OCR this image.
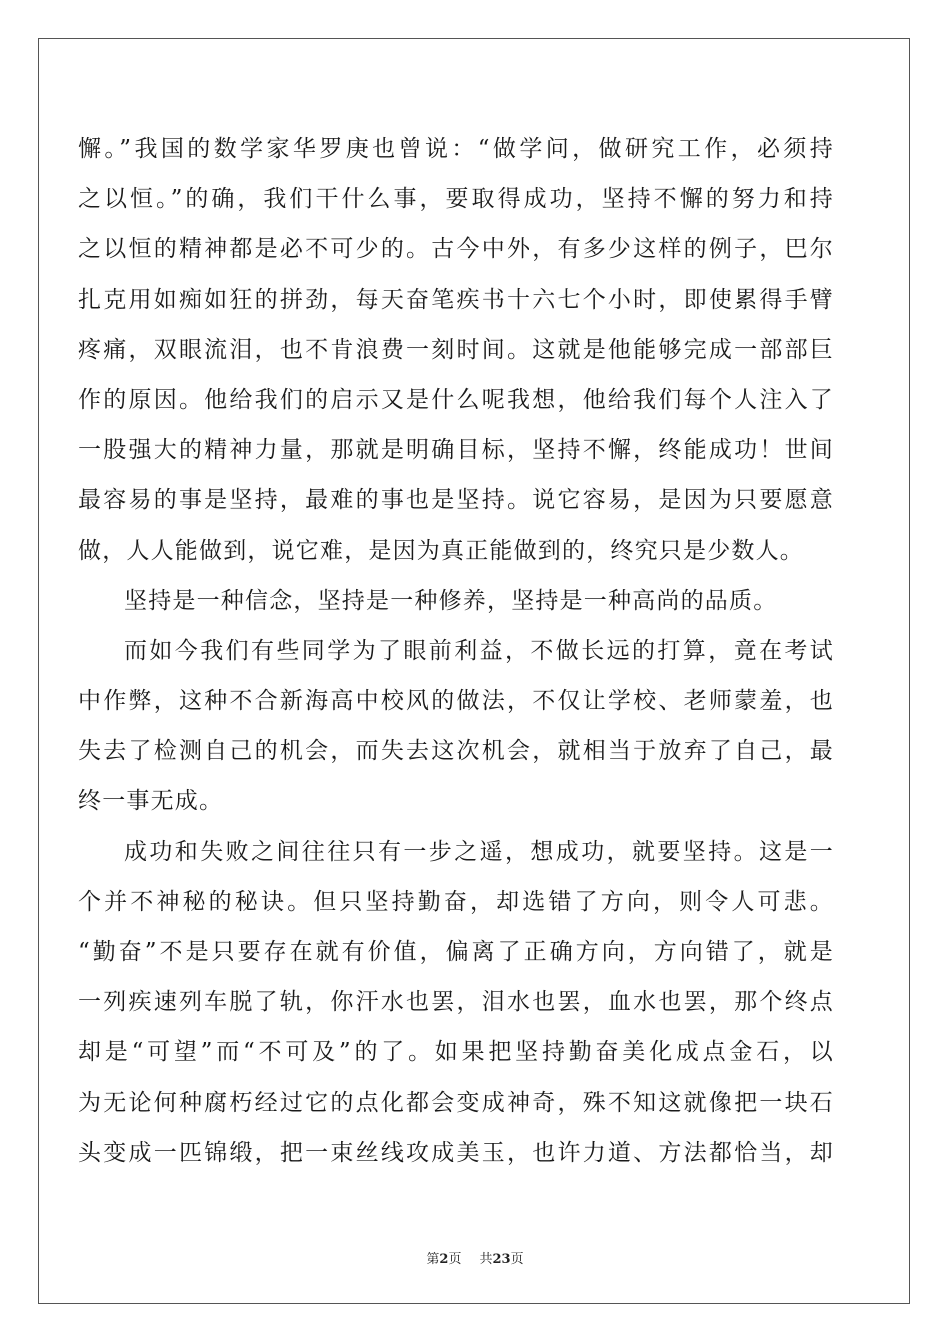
懈。”我国的数学家华罗庚也曾说：“做学问，做研究工作，必须持
之以恒。”的确，我们干什么事，要取得成功，坚持不懈的努力和持
之以恒的精神都是必不可少的。古今中外，有多少这样的例子，巴尔
扎克用如痴如狂的拼劲，每天奋笔疾书十六七个小时，即使累得手臂
疼痛，双眼流泪，也不肯浪费一刻时间。这就是他能够完成一部部巨
作的原因。他给我们的启示又是什么呢我想，他给我们每个人注入了
一股强大的精神力量，那就是明确目标，坚持不懈，终能成功！世间
最容易的事是坚持，最难的事也是坚持。说它容易，是因为只要愿意
做，人人能做到，说它难，是因为真正能做到的，终究只是少数人。
坚持是一种信念，坚持是一种修养，坚持是一种高尚的品质。
而如今我们有些同学为了眼前利益，不做长远的打算，竟在考试
中作弊，这种不合新海高中校风的做法，不仅让学校、老师蒙羞，也
失去了检测自己的机会，而失去这次机会，就相当于放弃了自己，最
终一事无成。
成功和失败之间往往只有一步之遥，想成功，就要坚持。这是一
个并不神秘的秘诀。但只坚持勤奋，却选错了方向，则令人可悲。
“勤奋”不是只要存在就有价值，偏离了正确方向，方向错了，就是
一列疾速列车脱了轨，你汗水也罢，泪水也罢，血水也罢，那个终点
却是“可望”而“不可及”的了。如果把坚持勤奋美化成点金石，以
为无论何种腐朽经过它的点化都会变成神奇，殊不知这就像把一块石
头变成一匹锦缎，把一束丝线攻成美玉，也许力道、方法都恰当，却
第2页 共23页
